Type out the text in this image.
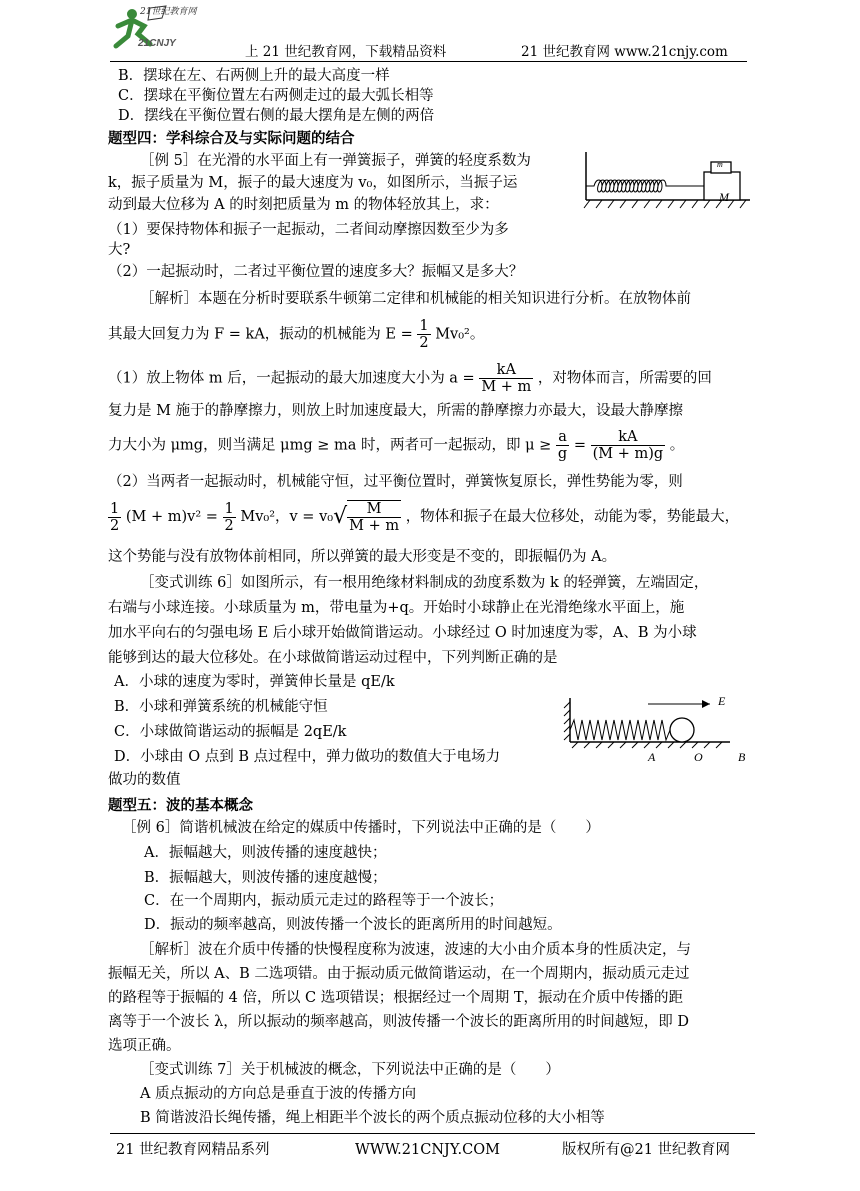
21世纪教育网
21CNJY
上 21 世纪教育网，下载精品资料	21 世纪教育网 www.21cnjy.com
B．摆球在左、右两侧上升的最大高度一样
C．摆球在平衡位置左右两侧走过的最大弧长相等
D．摆线在平衡位置右侧的最大摆角是左侧的两倍
题型四：学科综合及与实际问题的结合
［例 5］在光滑的水平面上有一弹簧振子，弹簧的轻度系数为
k，振子质量为 M，振子的最大速度为 v₀，如图所示，当振子运
动到最大位移为 A 的时刻把质量为 m 的物体轻放其上，求：
（1）要保持物体和振子一起振动，二者间动摩擦因数至少为多
大?
（2）一起振动时，二者过平衡位置的速度多大？振幅又是多大？
M
m
［解析］本题在分析时要联系牛顿第二定律和机械能的相关知识进行分析。在放物体前
其最大回复力为 F = kA，振动的机械能为 $E = \frac{1}{2} Mv_0^2$。
（1）放上物体 m 后，一起振动的最大加速度大小为 $a = \frac{kA}{M + m}$ ，对物体而言，所需要的回
复力是 M 施于的静摩擦力，则放上时加速度最大，所需的静摩擦力亦最大，设最大静摩擦
力大小为 μmg，则当满足 μmg ≥ ma 时，两者可一起振动，即 $\mu \ge \frac{a}{g} = \frac{kA}{(M + m)g}$ 。
（2）当两者一起振动时，机械能守恒，过平衡位置时，弹簧恢复原长，弹性势能为零，则
$\frac{1}{2} (M + m)v^2 = \frac{1}{2} Mv_0^2$，$v = v_0√ \frac{M}{M + m}$ ，物体和振子在最大位移处，动能为零，势能最大，
这个势能与没有放物体前相同，所以弹簧的最大形变是不变的，即振幅仍为 A。
［变式训练 6］如图所示，有一根用绝缘材料制成的劲度系数为 k 的轻弹簧，左端固定，
右端与小球连接。小球质量为 m，带电量为+q。开始时小球静止在光滑绝缘水平面上，施
加水平向右的匀强电场 E 后小球开始做简谐运动。小球经过 O 时加速度为零，A、B 为小球
能够到达的最大位移处。在小球做简谐运动过程中，下列判断正确的是
A．小球的速度为零时，弹簧伸长量是 qE/k
B．小球和弹簧系统的机械能守恒
C．小球做简谐运动的振幅是 2qE/k
D．小球由 O 点到 B 点过程中，弹力做功的数值大于电场力
做功的数值
E
A	O	B
题型五：波的基本概念
［例 6］简谐机械波在给定的媒质中传播时，下列说法中正确的是（　　）
A．振幅越大，则波传播的速度越快；
B．振幅越大，则波传播的速度越慢；
C．在一个周期内，振动质元走过的路程等于一个波长；
D．振动的频率越高，则波传播一个波长的距离所用的时间越短。
［解析］波在介质中传播的快慢程度称为波速，波速的大小由介质本身的性质决定，与
振幅无关，所以 A、B 二选项错。由于振动质元做简谐运动，在一个周期内，振动质元走过
的路程等于振幅的 4 倍，所以 C 选项错误；根据经过一个周期 T，振动在介质中传播的距
离等于一个波长 λ，所以振动的频率越高，则波传播一个波长的距离所用的时间越短，即 D
选项正确。
［变式训练 7］关于机械波的概念，下列说法中正确的是（　　）
A 质点振动的方向总是垂直于波的传播方向
B 简谐波沿长绳传播，绳上相距半个波长的两个质点振动位移的大小相等
21 世纪教育网精品系列	WWW.21CNJY.COM	版权所有@21 世纪教育网
